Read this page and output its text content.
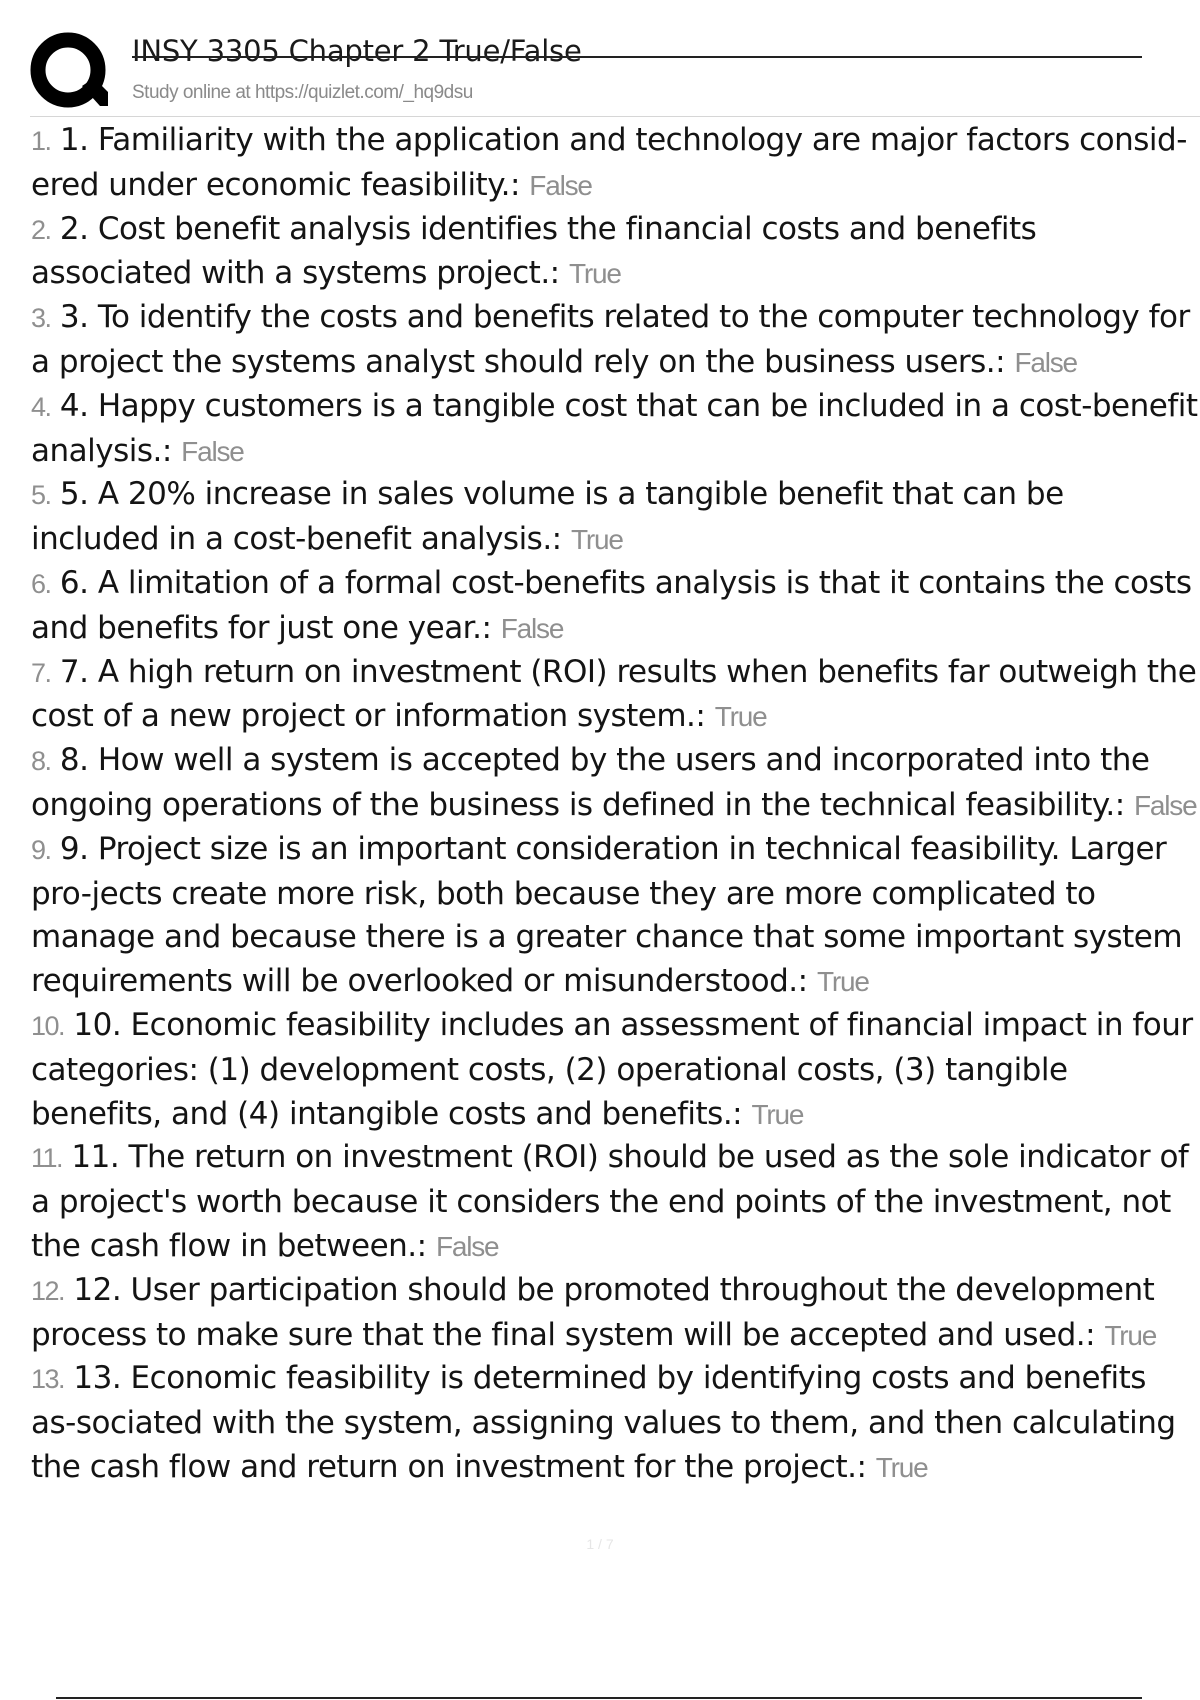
INSY 3305 Chapter 2 True/False
Study online at https://quizlet.com/_hq9dsu

1. 1. Familiarity with the application and technology are major factors consid-ered under economic feasibility.: False

2. 2. Cost benefit analysis identifies the financial costs and benefits associated with a systems project.: True

3. 3. To identify the costs and benefits related to the computer technology for a project the systems analyst should rely on the business users.: False

4. 4. Happy customers is a tangible cost that can be included in a cost-benefit analysis.: False

5. 5. A 20% increase in sales volume is a tangible benefit that can be included in a cost-benefit analysis.: True

6. 6. A limitation of a formal cost-benefits analysis is that it contains the costs and benefits for just one year.: False

7. 7. A high return on investment (ROI) results when benefits far outweigh the cost of a new project or information system.: True

8. 8. How well a system is accepted by the users and incorporated into the ongoing operations of the business is defined in the technical feasibility.: False

9. 9. Project size is an important consideration in technical feasibility. Larger pro-jects create more risk, both because they are more complicated to manage and because there is a greater chance that some important system requirements will be overlooked or misunderstood.: True

10. 10. Economic feasibility includes an assessment of financial impact in four categories: (1) development costs, (2) operational costs, (3) tangible benefits, and (4) intangible costs and benefits.: True

11. 11. The return on investment (ROI) should be used as the sole indicator of a project's worth because it considers the end points of the investment, not the cash flow in between.: False

12. 12. User participation should be promoted throughout the development process to make sure that the final system will be accepted and used.: True

13. 13. Economic feasibility is determined by identifying costs and benefits as-sociated with the system, assigning values to them, and then calculating the cash flow and return on investment for the project.: True

1 / 7
